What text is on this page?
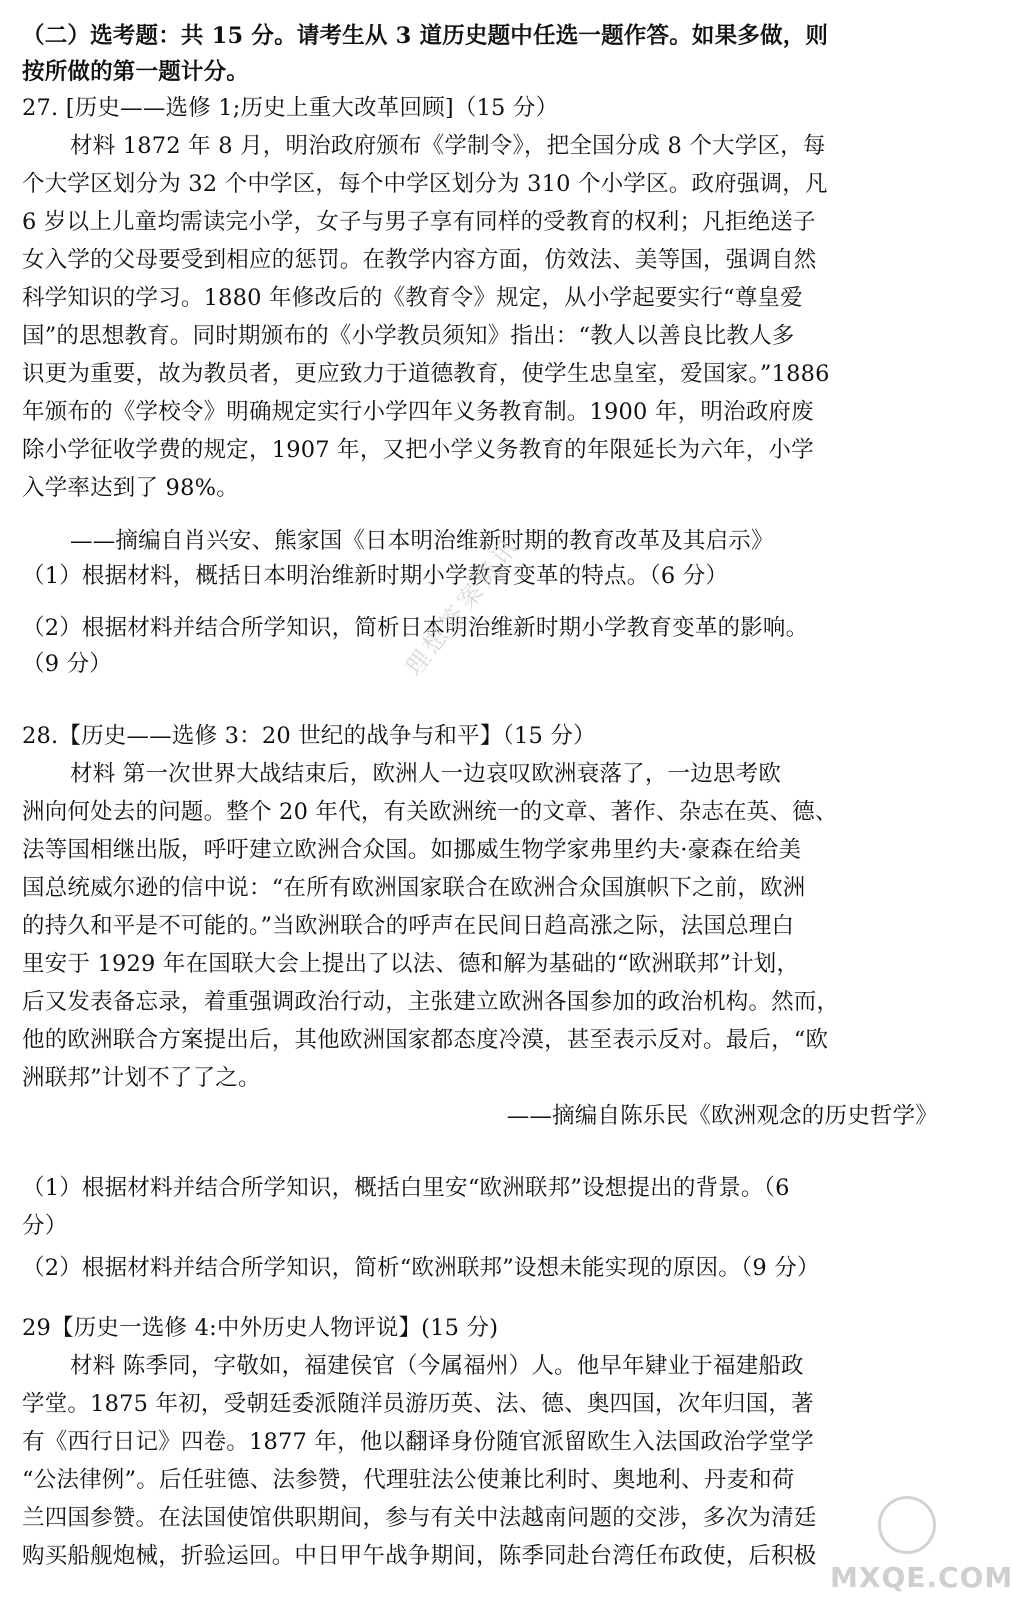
（二）选考题：共 15 分。请考生从 3 道历史题中任选一题作答。如果多做，则
按所做的第一题计分。
27. [历史——选修 1;历史上重大改革回顾]（15 分）
材料 1872 年 8 月，明治政府颁布《学制令》，把全国分成 8 个大学区，每
个大学区划分为 32 个中学区，每个中学区划分为 310 个小学区。政府强调，凡
6 岁以上儿童均需读完小学，女子与男子享有同样的受教育的权利；凡拒绝送子
女入学的父母要受到相应的惩罚。在教学内容方面，仿效法、美等国，强调自然
科学知识的学习。1880 年修改后的《教育令》规定，从小学起要实行“尊皇爱
国”的思想教育。同时期颁布的《小学教员须知》指出：“教人以善良比教人多
识更为重要，故为教员者，更应致力于道德教育，使学生忠皇室，爱国家。”1886
年颁布的《学校令》明确规定实行小学四年义务教育制。1900 年，明治政府废
除小学征收学费的规定，1907 年，又把小学义务教育的年限延长为六年，小学
入学率达到了 98%。
——摘编自肖兴安、熊家国《日本明治维新时期的教育改革及其启示》
（1）根据材料，概括日本明治维新时期小学教育变革的特点。（6 分）
（2）根据材料并结合所学知识，简析日本明治维新时期小学教育变革的影响。
（9 分）
28.【历史——选修 3：20 世纪的战争与和平】（15 分）
材料 第一次世界大战结束后，欧洲人一边哀叹欧洲衰落了，一边思考欧
洲向何处去的问题。整个 20 年代，有关欧洲统一的文章、著作、杂志在英、德、
法等国相继出版，呼吁建立欧洲合众国。如挪威生物学家弗里约夫·豪森在给美
国总统威尔逊的信中说：“在所有欧洲国家联合在欧洲合众国旗帜下之前，欧洲
的持久和平是不可能的。”当欧洲联合的呼声在民间日趋高涨之际，法国总理白
里安于 1929 年在国联大会上提出了以法、德和解为基础的“欧洲联邦”计划，
后又发表备忘录，着重强调政治行动，主张建立欧洲各国参加的政治机构。然而，
他的欧洲联合方案提出后，其他欧洲国家都态度冷漠，甚至表示反对。最后，“欧
洲联邦”计划不了了之。
——摘编自陈乐民《欧洲观念的历史哲学》
（1）根据材料并结合所学知识，概括白里安“欧洲联邦”设想提出的背景。（6
分）
（2）根据材料并结合所学知识，简析“欧洲联邦”设想未能实现的原因。（9 分）
29【历史一选修 4:中外历史人物评说】(15 分)
材料 陈季同，字敬如，福建侯官（今属福州）人。他早年肄业于福建船政
学堂。1875 年初，受朝廷委派随洋员游历英、法、德、奥四国，次年归国，著
有《西行日记》四卷。1877 年，他以翻译身份随官派留欧生入法国政治学堂学
“公法律例”。后任驻德、法参赞，代理驻法公使兼比利时、奥地利、丹麦和荷
兰四国参赞。在法国使馆供职期间，参与有关中法越南问题的交涉，多次为清廷
购买船舰炮械，折验运回。中日甲午战争期间，陈季同赴台湾任布政使，后积极
理想答案资讯
MXQE.COM
